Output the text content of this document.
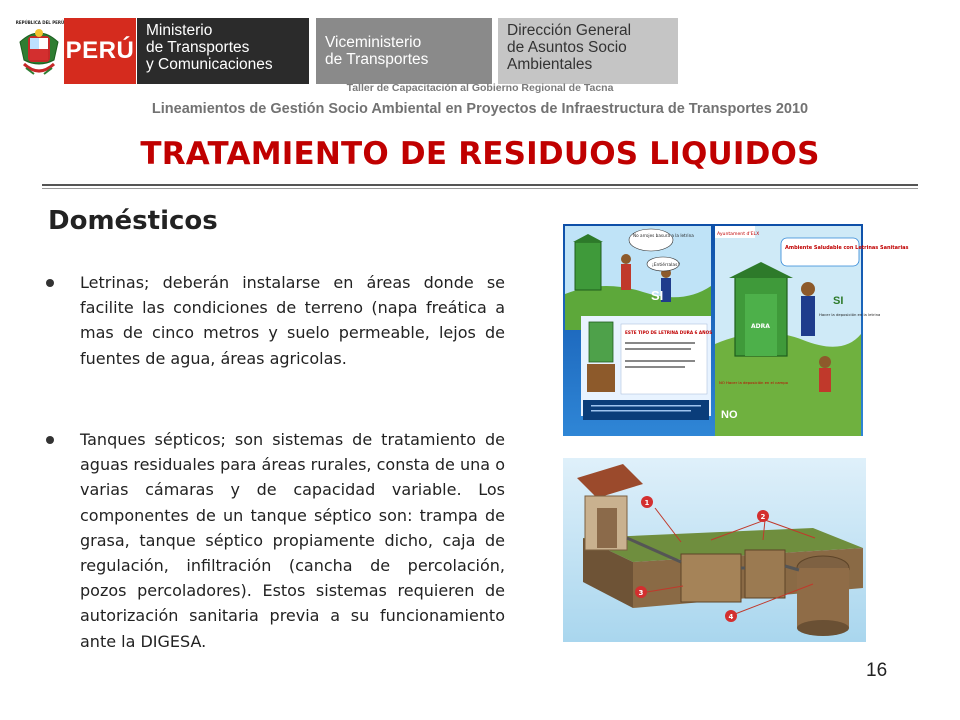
REPÚBLICA DEL PERÚ
PERÚ
Ministerio
de Transportes
y Comunicaciones
Viceministerio
de Transportes
Dirección General
de Asuntos Socio
Ambientales
Taller de Capacitación al Gobierno Regional de Tacna
Lineamientos de Gestión Socio Ambiental en Proyectos de Infraestructura de Transportes 2010
TRATAMIENTO DE RESIDUOS LIQUIDOS
Domésticos
Letrinas; deberán instalarse en áreas donde se facilite las condiciones de terreno (napa freática a mas de cinco metros y suelo permeable, lejos de fuentes de agua, áreas agricolas.
Tanques sépticos; son sistemas de tratamiento de aguas residuales para áreas rurales, consta de una o varias cámaras y de capacidad variable. Los componentes de un tanque séptico son: trampa de grasa, tanque séptico propiamente dicho, caja de regulación, infiltración (cancha de percolación, pozos percoladores). Estos sistemas requieren de autorización sanitaria previa a su funcionamiento ante la DIGESA.
No arrojes basura a la letrina
¡Entiérralas !
SI
ESTE TIPO DE LETRINA DURA 6 AÑOS
Ayuntament d'ELX
Ambiente Saludable con Letrinas Sanitarias
ADRA
SI
Hacer la deposición en la letrina
NO Hacer la deposición en el campo
NO
1
2
3
4
16
